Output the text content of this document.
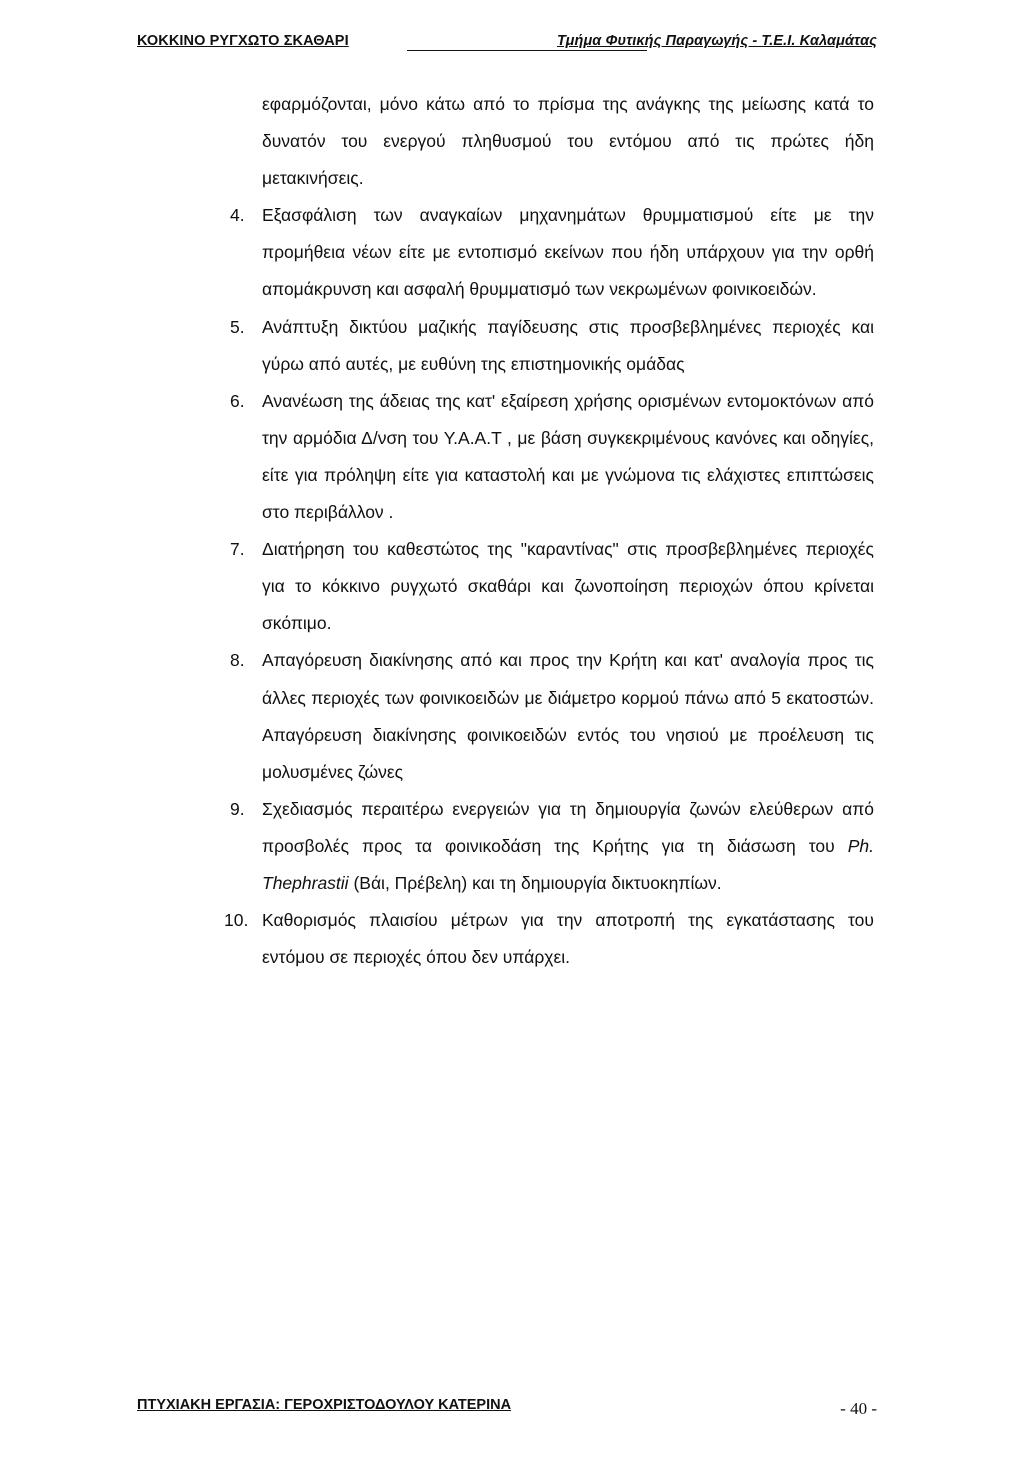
ΚΟΚΚΙΝΟ ΡΥΓΧΩΤΟ ΣΚΑΘΑΡΙ	Τμήμα Φυτικής Παραγωγής - Τ.Ε.Ι. Καλαμάτας
εφαρμόζονται, μόνο κάτω από το πρίσμα της ανάγκης της μείωσης κατά το δυνατόν του ενεργού πληθυσμού του εντόμου από τις πρώτες ήδη μετακινήσεις.
4. Εξασφάλιση των αναγκαίων μηχανημάτων θρυμματισμού είτε με την προμήθεια νέων είτε με εντοπισμό εκείνων που ήδη υπάρχουν για την ορθή απομάκρυνση και ασφαλή θρυμματισμό των νεκρωμένων φοινικοειδών.
5. Ανάπτυξη δικτύου μαζικής παγίδευσης στις προσβεβλημένες περιοχές και γύρω από αυτές, με ευθύνη της επιστημονικής ομάδας
6. Ανανέωση της άδειας της κατ' εξαίρεση χρήσης ορισμένων εντομοκτόνων από την αρμόδια Δ/νση του Υ.Α.Α.Τ , με βάση συγκεκριμένους κανόνες και οδηγίες, είτε για πρόληψη είτε για καταστολή και με γνώμονα τις ελάχιστες επιπτώσεις στο περιβάλλον .
7. Διατήρηση του καθεστώτος της "καραντίνας" στις προσβεβλημένες περιοχές για το κόκκινο ρυγχωτό σκαθάρι και ζωνοποίηση περιοχών όπου κρίνεται σκόπιμο.
8. Απαγόρευση διακίνησης από και προς την Κρήτη και κατ' αναλογία προς τις άλλες περιοχές των φοινικοειδών με διάμετρο κορμού πάνω από 5 εκατοστών. Απαγόρευση διακίνησης φοινικοειδών εντός του νησιού με προέλευση τις μολυσμένες ζώνες
9. Σχεδιασμός περαιτέρω ενεργειών για τη δημιουργία ζωνών ελεύθερων από προσβολές προς τα φοινικοδάση της Κρήτης για τη διάσωση του Ph. Thephrastii (Βάι, Πρέβελη) και τη δημιουργία δικτυοκηπίων.
10. Καθορισμός πλαισίου μέτρων για την αποτροπή της εγκατάστασης του εντόμου σε περιοχές όπου δεν υπάρχει.
ΠΤΥΧΙΑΚΗ ΕΡΓΑΣΙΑ: ΓΕΡΟΧΡΙΣΤΟΔΟΥΛΟΥ ΚΑΤΕΡΙΝΑ	- 40 -
